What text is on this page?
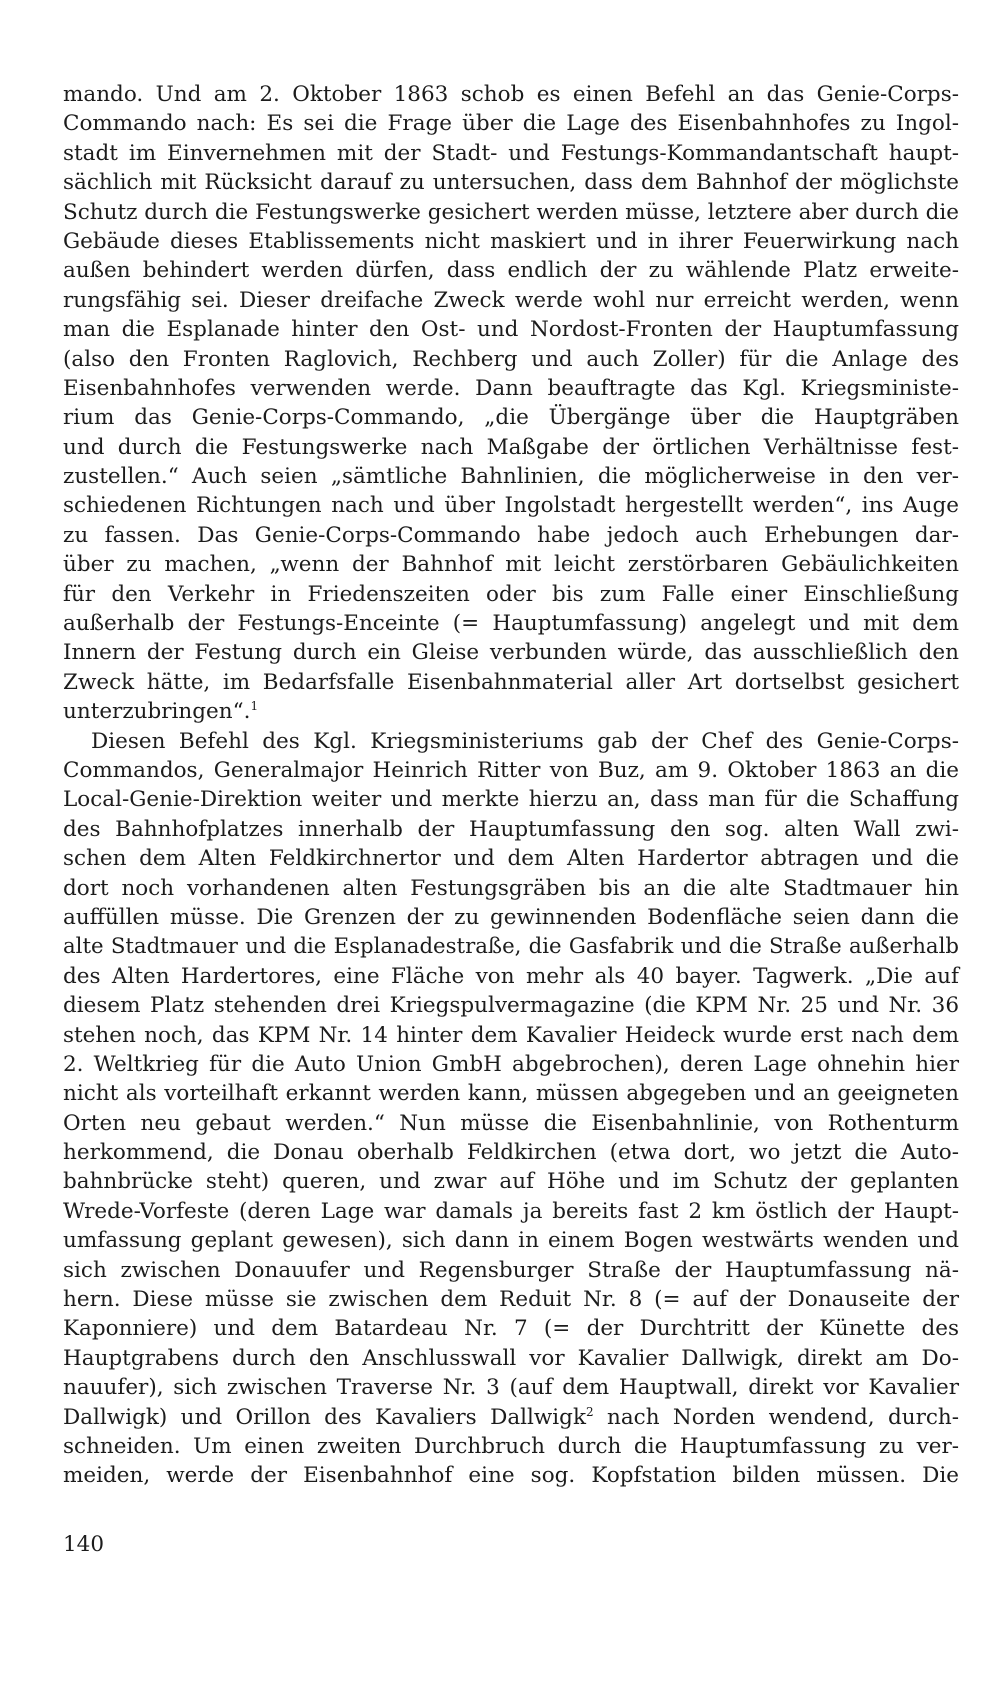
mando. Und am 2. Oktober 1863 schob es einen Befehl an das Genie-Corps-
Commando nach: Es sei die Frage über die Lage des Eisenbahnhofes zu Ingol-
stadt im Einvernehmen mit der Stadt- und Festungs-Kommandantschaft haupt-
sächlich mit Rücksicht darauf zu untersuchen, dass dem Bahnhof der möglichste
Schutz durch die Festungswerke gesichert werden müsse, letztere aber durch die
Gebäude dieses Etablissements nicht maskiert und in ihrer Feuerwirkung nach
außen behindert werden dürfen, dass endlich der zu wählende Platz erweite-
rungsfähig sei. Dieser dreifache Zweck werde wohl nur erreicht werden, wenn
man die Esplanade hinter den Ost- und Nordost-Fronten der Hauptumfassung
(also den Fronten Raglovich, Rechberg und auch Zoller) für die Anlage des
Eisenbahnhofes verwenden werde. Dann beauftragte das Kgl. Kriegsministe-
rium das Genie-Corps-Commando, „die Übergänge über die Hauptgräben
und durch die Festungswerke nach Maßgabe der örtlichen Verhältnisse fest-
zustellen.“ Auch seien „sämtliche Bahnlinien, die möglicherweise in den ver-
schiedenen Richtungen nach und über Ingolstadt hergestellt werden“, ins Auge
zu fassen. Das Genie-Corps-Commando habe jedoch auch Erhebungen dar-
über zu machen, „wenn der Bahnhof mit leicht zerstörbaren Gebäulichkeiten
für den Verkehr in Friedenszeiten oder bis zum Falle einer Einschließung
außerhalb der Festungs-Enceinte (= Hauptumfassung) angelegt und mit dem
Innern der Festung durch ein Gleise verbunden würde, das ausschließlich den
Zweck hätte, im Bedarfsfalle Eisenbahnmaterial aller Art dortselbst gesichert
unterzubringen“.$^1$
Diesen Befehl des Kgl. Kriegsministeriums gab der Chef des Genie-Corps-
Commandos, Generalmajor Heinrich Ritter von Buz, am 9. Oktober 1863 an die
Local-Genie-Direktion weiter und merkte hierzu an, dass man für die Schaffung
des Bahnhofplatzes innerhalb der Hauptumfassung den sog. alten Wall zwi-
schen dem Alten Feldkirchnertor und dem Alten Hardertor abtragen und die
dort noch vorhandenen alten Festungsgräben bis an die alte Stadtmauer hin
auffüllen müsse. Die Grenzen der zu gewinnenden Bodenfläche seien dann die
alte Stadtmauer und die Esplanadestraße, die Gasfabrik und die Straße außerhalb
des Alten Hardertores, eine Fläche von mehr als 40 bayer. Tagwerk. „Die auf
diesem Platz stehenden drei Kriegspulvermagazine (die KPM Nr. 25 und Nr. 36
stehen noch, das KPM Nr. 14 hinter dem Kavalier Heideck wurde erst nach dem
2. Weltkrieg für die Auto Union GmbH abgebrochen), deren Lage ohnehin hier
nicht als vorteilhaft erkannt werden kann, müssen abgegeben und an geeigneten
Orten neu gebaut werden.“ Nun müsse die Eisenbahnlinie, von Rothenturm
herkommend, die Donau oberhalb Feldkirchen (etwa dort, wo jetzt die Auto-
bahnbrücke steht) queren, und zwar auf Höhe und im Schutz der geplanten
Wrede-Vorfeste (deren Lage war damals ja bereits fast 2 km östlich der Haupt-
umfassung geplant gewesen), sich dann in einem Bogen westwärts wenden und
sich zwischen Donauufer und Regensburger Straße der Hauptumfassung nä-
hern. Diese müsse sie zwischen dem Reduit Nr. 8 (= auf der Donauseite der
Kaponniere) und dem Batardeau Nr. 7 (= der Durchtritt der Künette des
Hauptgrabens durch den Anschlusswall vor Kavalier Dallwigk, direkt am Do-
nauufer), sich zwischen Traverse Nr. 3 (auf dem Hauptwall, direkt vor Kavalier
Dallwigk) und Orillon des Kavaliers Dallwigk$^2$ nach Norden wendend, durch-
schneiden. Um einen zweiten Durchbruch durch die Hauptumfassung zu ver-
meiden, werde der Eisenbahnhof eine sog. Kopfstation bilden müssen. Die
140
